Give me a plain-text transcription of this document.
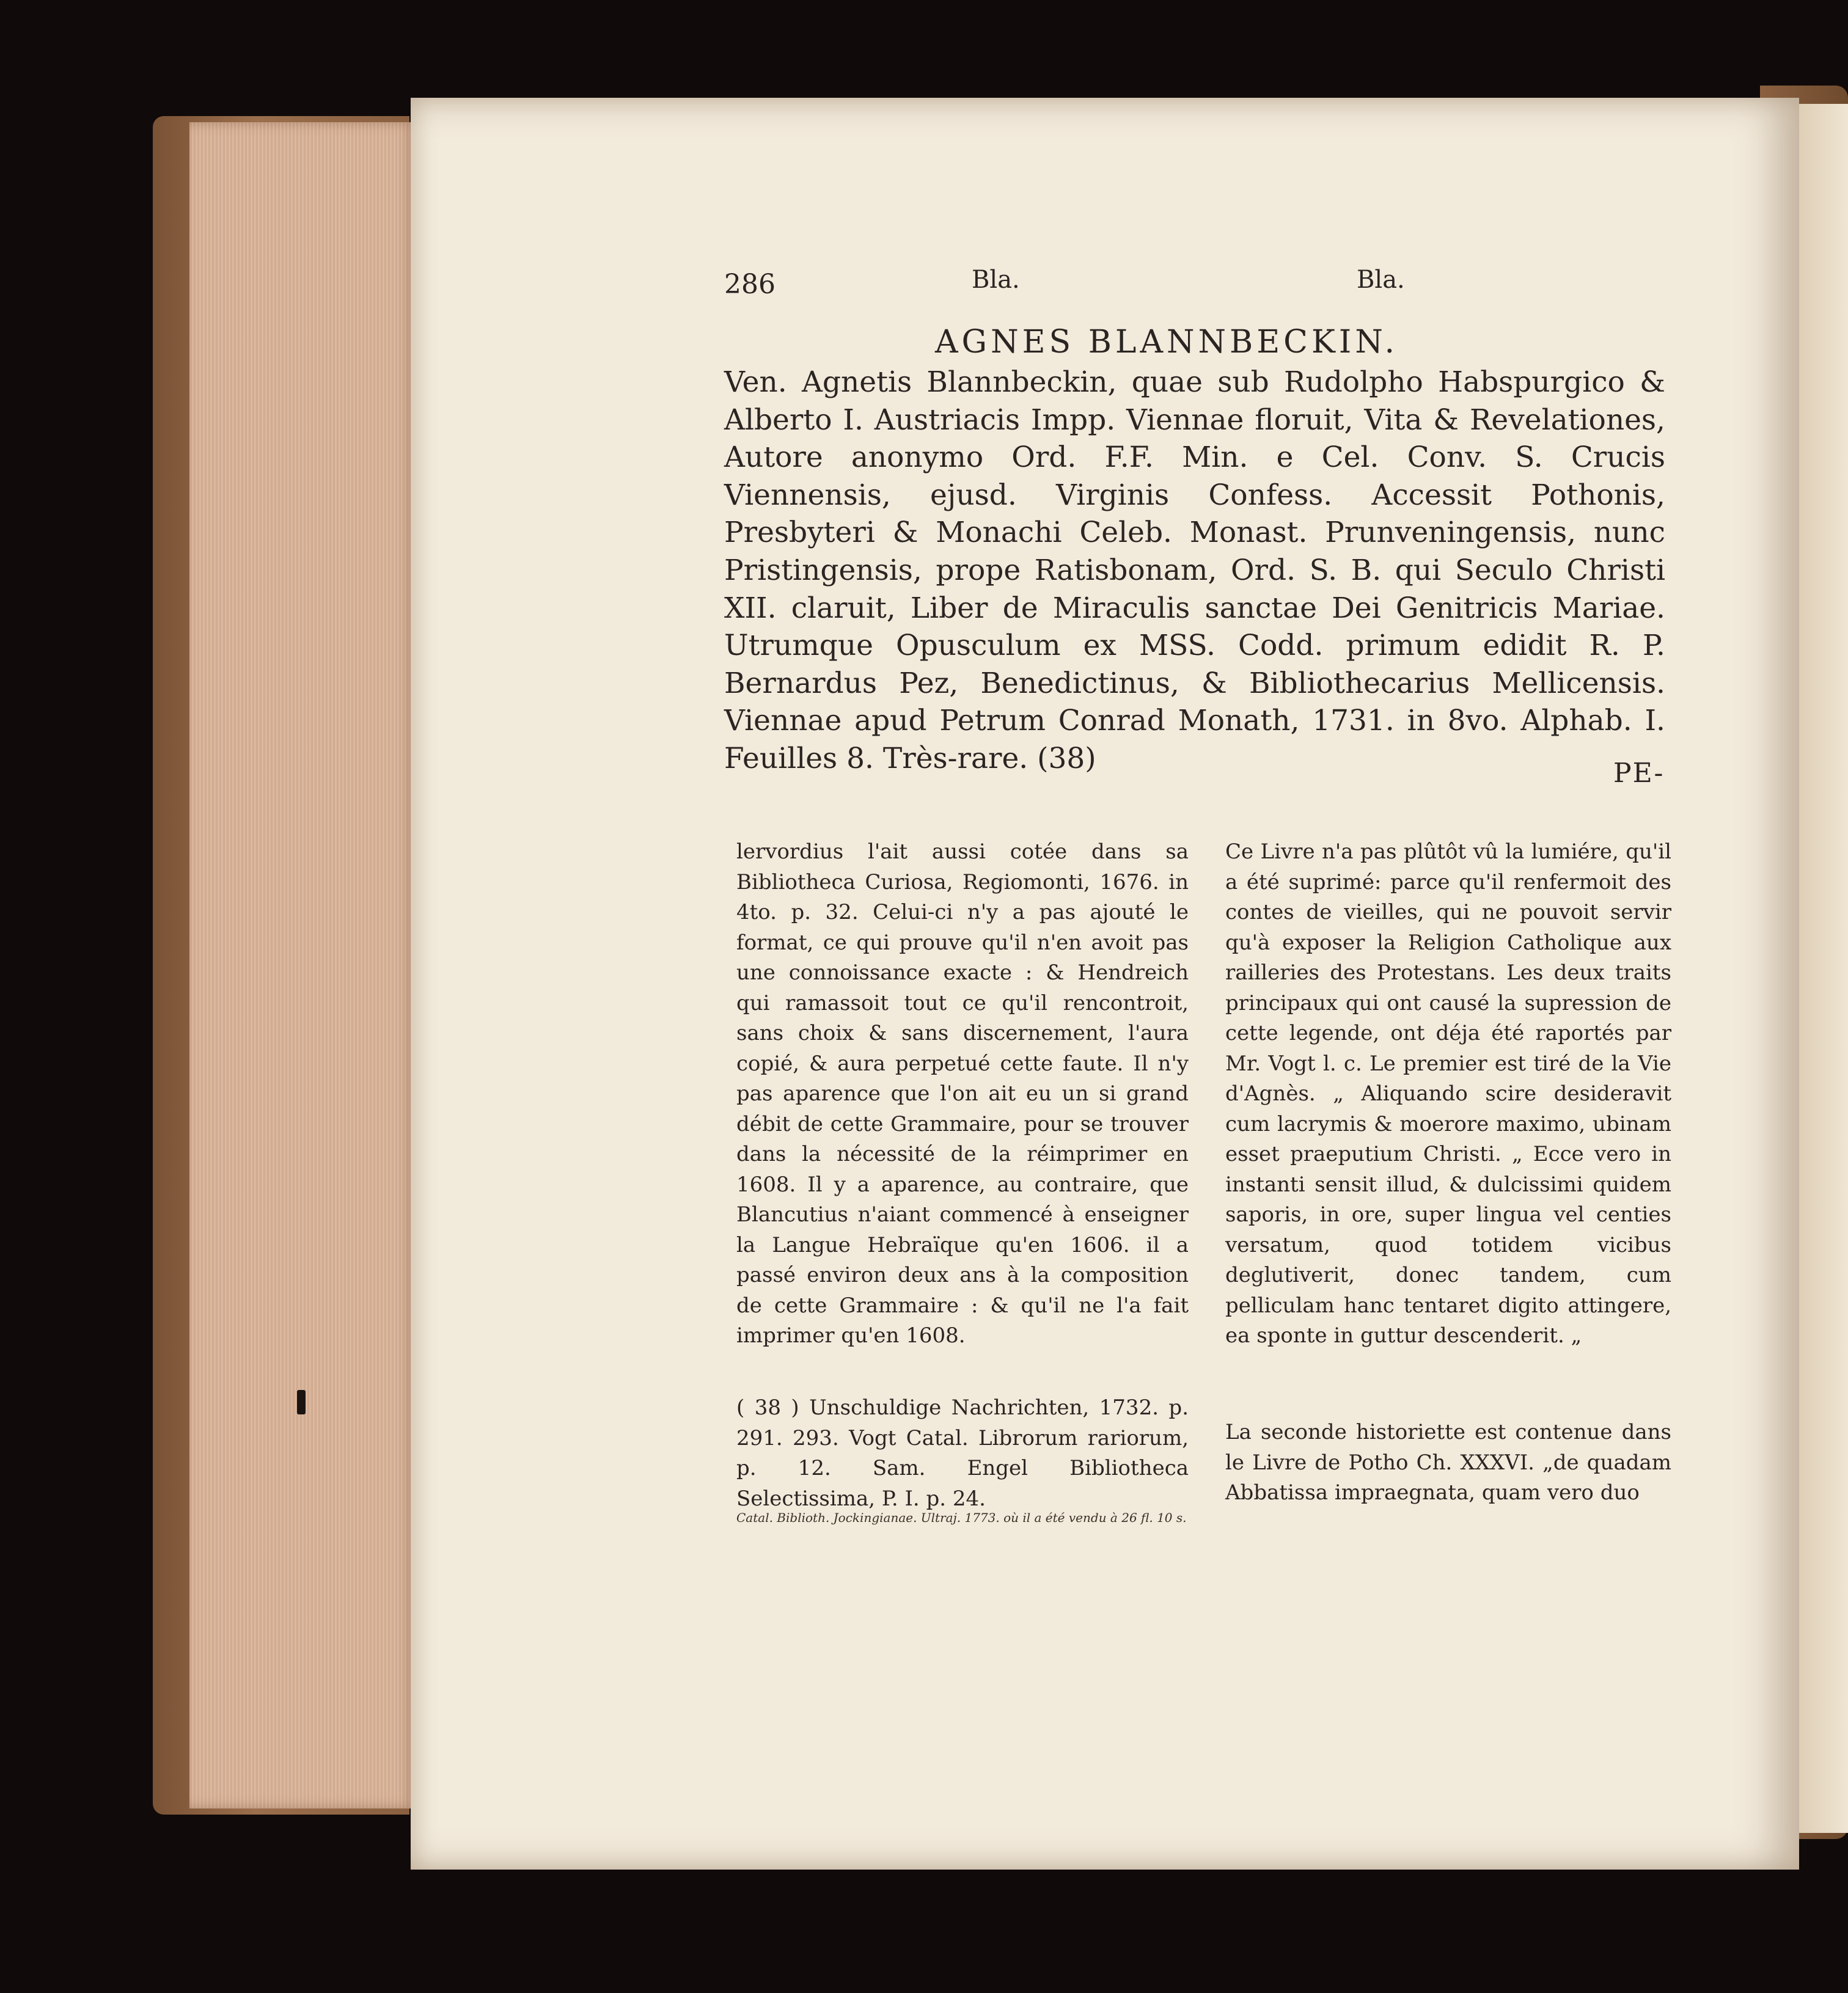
286	Bla.	Bla.
AGNES BLANNBECKIN.
Ven. Agnetis Blannbeckin, quae sub Rudolpho Habspurgico & Alberto I. Austriacis Impp. Viennae floruit, Vita & Revelationes, Autore anonymo Ord. F.F. Min. e Cel. Conv. S. Crucis Viennensis, ejusd. Virginis Confess. Accessit Pothonis, Presbyteri & Monachi Celeb. Monast. Prunveningensis, nunc Pristingensis, prope Ratisbonam, Ord. S. B. qui Seculo Christi XII. claruit, Liber de Miraculis sanctae Dei Genitricis Mariae. Utrumque Opusculum ex MSS. Codd. primum edidit R. P. Bernardus Pez, Benedictinus, & Bibliothecarius Mellicensis. Viennae apud Petrum Conrad Monath, 1731. in 8vo. Alphab. I. Feuilles 8. Très-rare. (38)	PE-
lervordius l'ait aussi cotée dans sa Bibliotheca Curiosa, Regiomonti, 1676. in 4to. p. 32. Celui-ci n'y a pas ajouté le format, ce qui prouve qu'il n'en avoit pas une connoissance exacte : & Hendreich qui ramassoit tout ce qu'il rencontroit, sans choix & sans discernement, l'aura copié, & aura perpetué cette faute. Il n'y pas aparence que l'on ait eu un si grand débit de cette Grammaire, pour se trouver dans la nécessité de la réimprimer en 1608. Il y a aparence, au contraire, que Blancutius n'aiant commencé à enseigner la Langue Hebraïque qu'en 1606. il a passé environ deux ans à la composition de cette Grammaire : & qu'il ne l'a fait imprimer qu'en 1608.
Ce Livre n'a pas plûtôt vû la lumiére, qu'il a été suprimé: parce qu'il renfermoit des contes de vieilles, qui ne pouvoit servir qu'à exposer la Religion Catholique aux railleries des Protestans. Les deux traits principaux qui ont causé la supression de cette legende, ont déja été raportés par Mr. Vogt l. c. Le premier est tiré de la Vie d'Agnès. „ Aliquando scire desideravit cum lacrymis & moerore maximo, ubinam esset praeputium Christi. „ Ecce vero in instanti sensit illud, & dulcissimi quidem saporis, in ore, super lingua vel centies versatum, quod totidem vicibus deglutiverit, donec tandem, cum pelliculam hanc tentaret digito attingere, ea sponte in guttur descenderit. „
( 38 ) Unschuldige Nachrichten, 1732. p. 291. 293. Vogt Catal. Librorum rariorum, p. 12. Sam. Engel Bibliotheca Selectissima, P. I. p. 24.
Catal. Biblioth. Jockingianae. Ultraj. 1773. où il a été vendu à 26 fl. 10 s.
La seconde historiette est contenue dans le Livre de Potho Ch. XXXVI. „de quadam Abbatissa impraegnata, quam vero duo
